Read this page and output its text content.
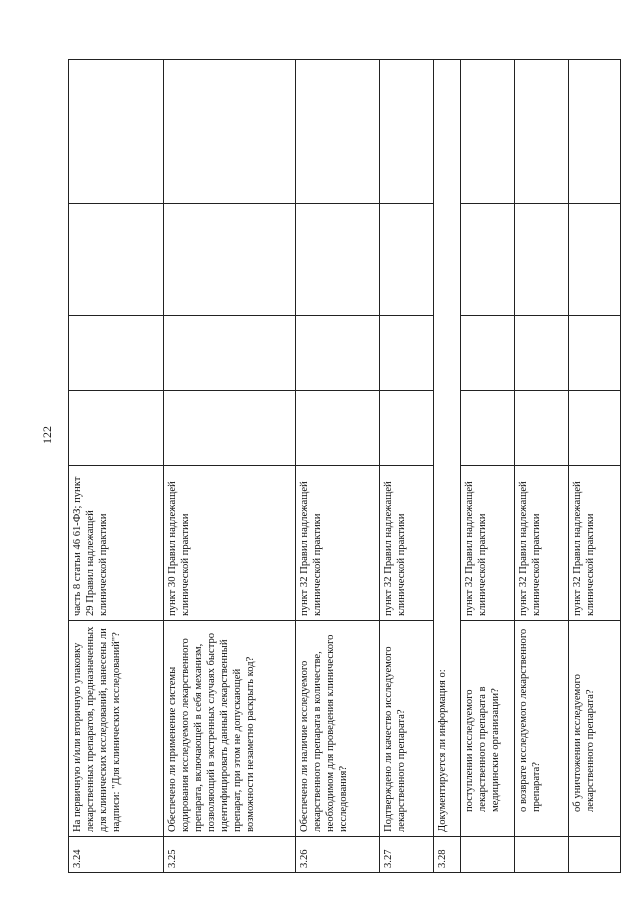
3.24	На первичную и/или вторичную упаковку лекарственных препаратов, предназначенных для клинических исследований, нанесены ли надписи: "Для клинических исследований"?	часть 8 статьи 46 61-ФЗ; пункт 29 Правил надлежащей клинической практики				
3.25	Обеспечено ли применение системы кодирования исследуемого лекарственного препарата, включающей в себя механизм, позволяющий в экстренных случаях быстро идентифицировать данный лекарственный препарат, при этом не допускающей возможности незаметно раскрыть код?	пункт 30 Правил надлежащей клинической практики				
3.26	Обеспечено ли наличие исследуемого лекарственного препарата в количестве, необходимом для проведения клинического исследования?	пункт 32 Правил надлежащей клинической практики				
3.27	Подтверждено ли качество исследуемого лекарственного препарата?	пункт 32 Правил надлежащей клинической практики				
3.28	Документируется ли информация о:					
	поступлении исследуемого лекарственного препарата в медицинские организации?	пункт 32 Правил надлежащей клинической практики				
	о возврате исследуемого лекарственного препарата?	пункт 32 Правил надлежащей клинической практики				
	об уничтожении исследуемого лекарственного препарата?	пункт 32 Правил надлежащей клинической практики				
122
